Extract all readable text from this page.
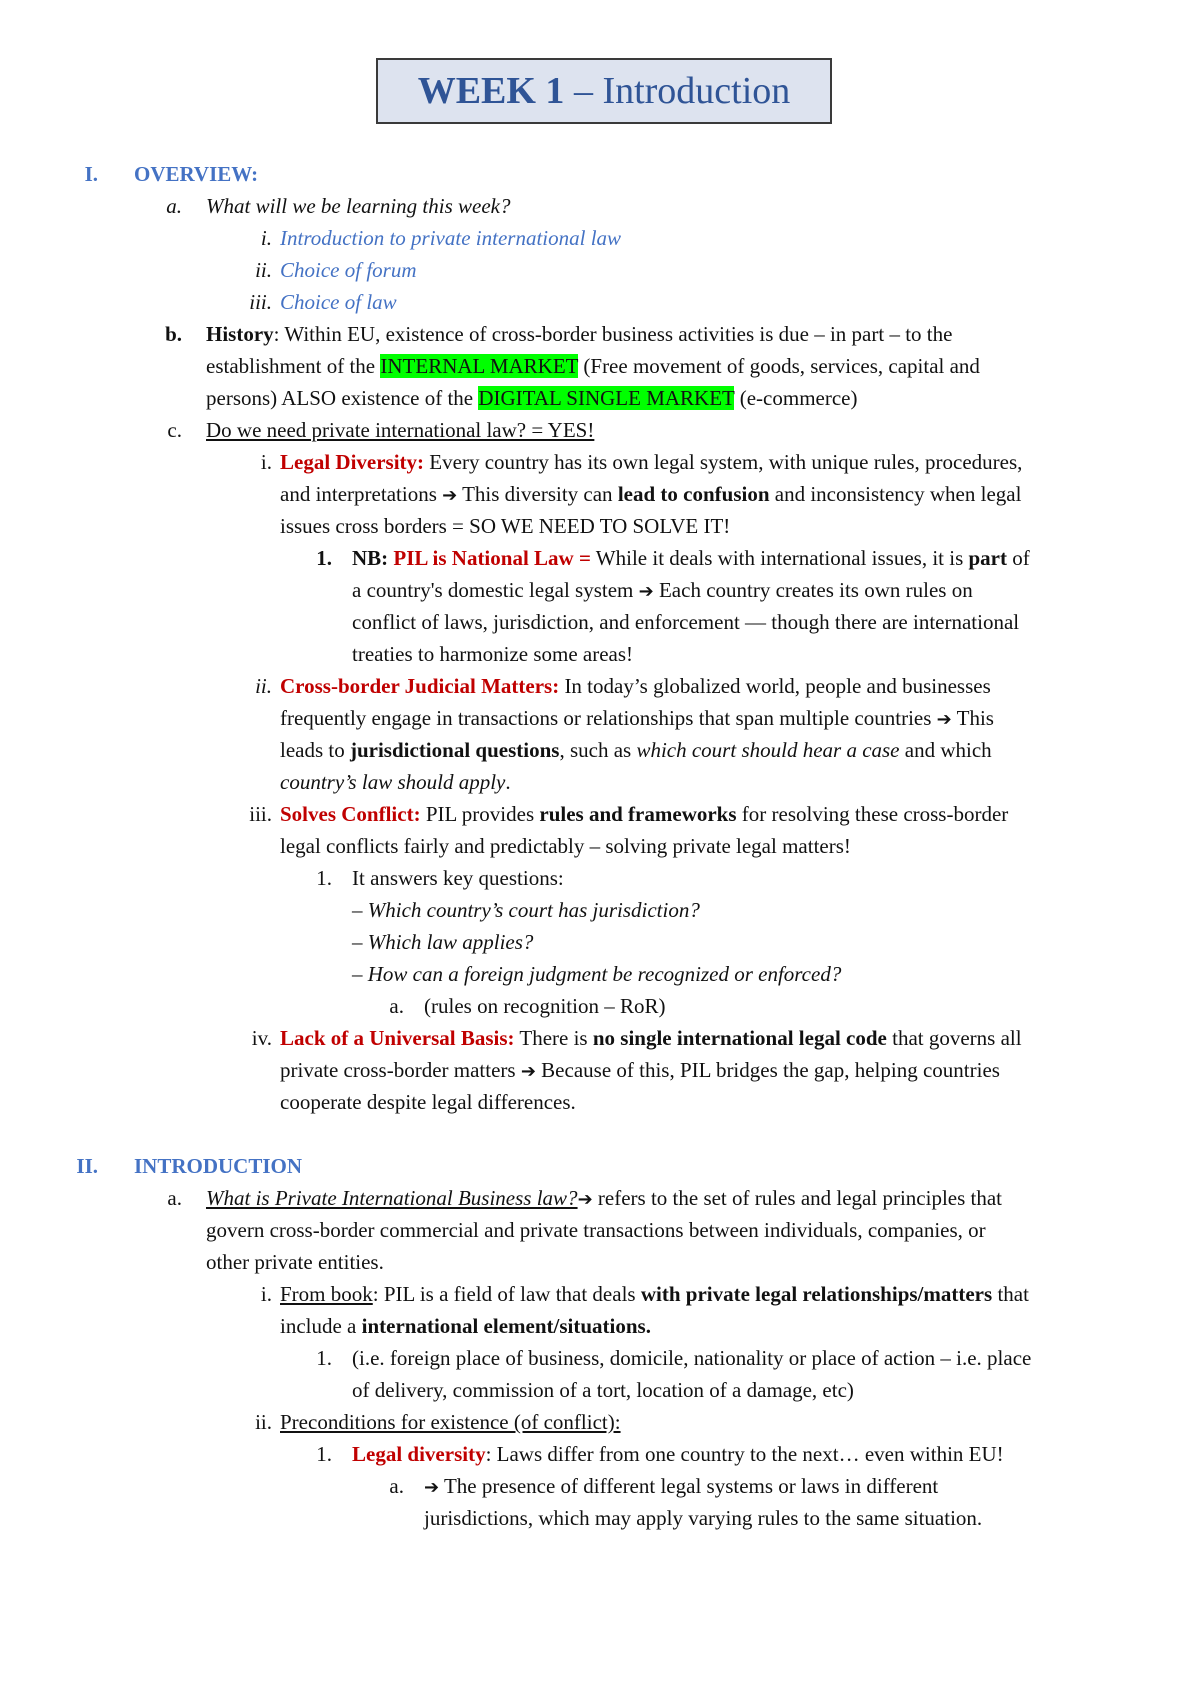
WEEK 1 – Introduction
I. OVERVIEW:
a. What will we be learning this week?
i. Introduction to private international law
ii. Choice of forum
iii. Choice of law
b. History: Within EU, existence of cross-border business activities is due – in part – to the
establishment of the INTERNAL MARKET (Free movement of goods, services, capital and
persons) ALSO existence of the DIGITAL SINGLE MARKET (e-commerce)
c. Do we need private international law? = YES!
i. Legal Diversity: Every country has its own legal system, with unique rules, procedures,
and interpretations ➔ This diversity can lead to confusion and inconsistency when legal
issues cross borders = SO WE NEED TO SOLVE IT!
1. NB: PIL is National Law = While it deals with international issues, it is part of
a country's domestic legal system ➔ Each country creates its own rules on
conflict of laws, jurisdiction, and enforcement — though there are international
treaties to harmonize some areas!
ii. Cross-border Judicial Matters: In today’s globalized world, people and businesses
frequently engage in transactions or relationships that span multiple countries ➔ This
leads to jurisdictional questions, such as which court should hear a case and which
country’s law should apply.
iii. Solves Conflict: PIL provides rules and frameworks for resolving these cross-border
legal conflicts fairly and predictably – solving private legal matters!
1. It answers key questions:
– Which country’s court has jurisdiction?
– Which law applies?
– How can a foreign judgment be recognized or enforced?
a. (rules on recognition – RoR)
iv. Lack of a Universal Basis: There is no single international legal code that governs all
private cross-border matters ➔ Because of this, PIL bridges the gap, helping countries
cooperate despite legal differences.
II. INTRODUCTION
a. What is Private International Business law?➔ refers to the set of rules and legal principles that
govern cross-border commercial and private transactions between individuals, companies, or
other private entities.
i. From book: PIL is a field of law that deals with private legal relationships/matters that
include a international element/situations.
1. (i.e. foreign place of business, domicile, nationality or place of action – i.e. place
of delivery, commission of a tort, location of a damage, etc)
ii. Preconditions for existence (of conflict):
1. Legal diversity: Laws differ from one country to the next… even within EU!
a. ➔ The presence of different legal systems or laws in different
jurisdictions, which may apply varying rules to the same situation.
